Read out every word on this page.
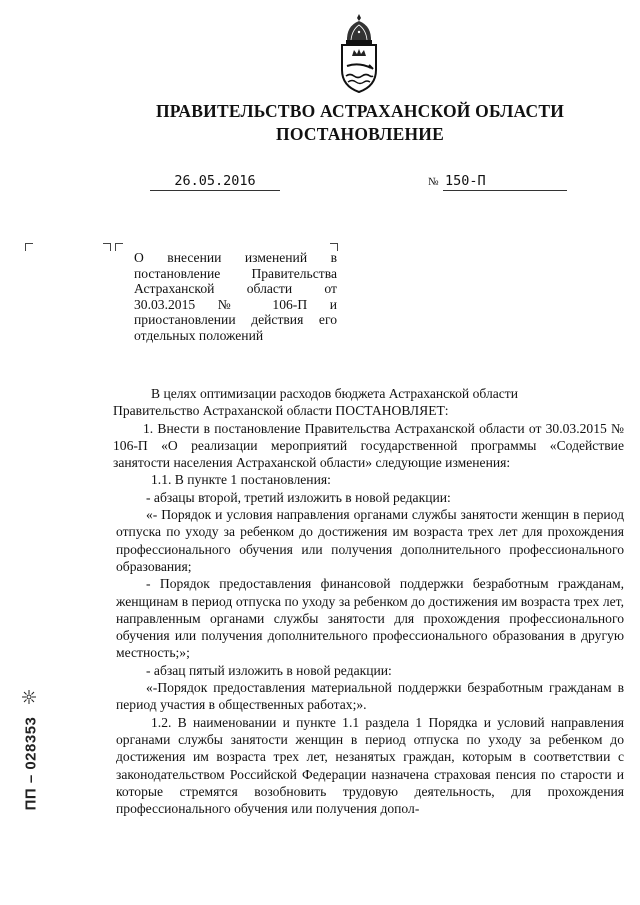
ПРАВИТЕЛЬСТВО АСТРАХАНСКОЙ ОБЛАСТИ
ПОСТАНОВЛЕНИЕ
26.05.2016	№ 150-П
О внесении изменений в постановление Правительства Астраханской области от 30.03.2015 № 106-П и приостановлении действия его отдельных положений

В целях оптимизации расходов бюджета Астраханской области

Правительство Астраханской области ПОСТАНОВЛЯЕТ:

1. Внести в постановление Правительства Астраханской области от 30.03.2015 № 106-П «О реализации мероприятий государственной программы «Содействие занятости населения Астраханской области» следующие изменения:

1.1. В пункте 1 постановления:

- абзацы второй, третий изложить в новой редакции:

«- Порядок и условия направления органами службы занятости женщин в период отпуска по уходу за ребенком до достижения им возраста трех лет для прохождения профессионального обучения или получения дополнительного профессионального образования;

- Порядок предоставления финансовой поддержки безработным гражданам, женщинам в период отпуска по уходу за ребенком до достижения им возраста трех лет, направленным органами службы занятости для прохождения профессионального обучения или получения дополнительного профессионального образования в другую местность;»;

- абзац пятый изложить в новой редакции:

«-Порядок предоставления материальной поддержки безработным гражданам в период участия в общественных работах;».

1.2. В наименовании и пункте 1.1 раздела 1 Порядка и условий направления органами службы занятости женщин в период отпуска по уходу за ребенком до достижения им возраста трех лет, незанятых граждан, которым в соответствии с законодательством Российской Федерации назначена страховая пенсия по старости и которые стремятся возобновить трудовую деятельность, для прохождения профессионального обучения или получения допол-

ПП – 028353
